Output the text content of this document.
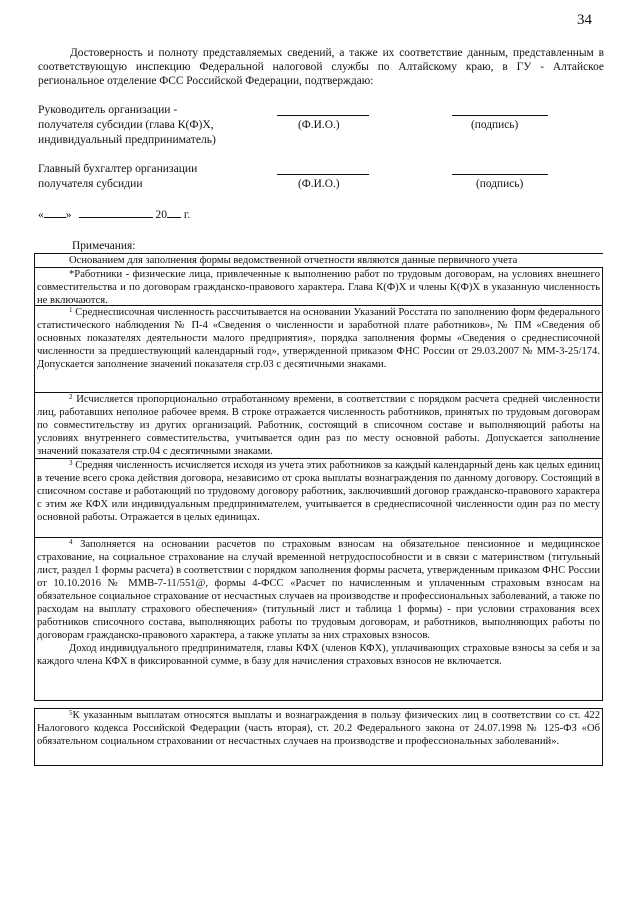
34
Достоверность и полноту представляемых сведений, а также их соответствие данным, представленным в соответствующую инспекцию Федеральной налоговой службы по Алтайскому краю, в ГУ - Алтайское региональное отделение ФСС Российской Федерации, подтверждаю:
Руководитель организации -
получателя субсидии (глава К(Ф)Х,
индивидуальный предприниматель)
(Ф.И.О.)	(подпись)
Главный бухгалтер организации
получателя субсидии	(Ф.И.О.)	(подпись)
« »	20 г.
Примечания:

Основанием для заполнения формы ведомственной отчетности являются данные первичного учета

*Работники - физические лица, привлеченные к выполнению работ по трудовым договорам, на условиях внешнего совместительства и по договорам гражданско-правового характера. Глава К(Ф)Х и члены К(Ф)Х в указанную численность не включаются.

$^1$ Среднесписочная численность рассчитывается на основании Указаний Росстата по заполнению форм федерального статистического наблюдения № П-4 «Сведения о численности и заработной плате работников», № ПМ «Сведения об основных показателях деятельности малого предприятия», порядка заполнения формы «Сведения о среднесписочной численности за предшествующий календарный год», утвержденной приказом ФНС России от 29.03.2007 № ММ-3-25/174. Допускается заполнение значений показателя стр.03 с десятичными знаками.

$^2$ Исчисляется пропорционально отработанному времени, в соответствии с порядком расчета средней численности лиц, работавших неполное рабочее время. В строке отражается численность работников, принятых по трудовым договорам по совместительству из других организаций. Работник, состоящий в списочном составе и выполняющий работы на условиях внутреннего совместительства, учитывается один раз по месту основной работы. Допускается заполнение значений показателя стр.04 с десятичными знаками.

$^3$ Средняя численность исчисляется исходя из учета этих работников за каждый календарный день как целых единиц в течение всего срока действия договора, независимо от срока выплаты вознаграждения по данному договору. Состоящий в списочном составе и работающий по трудовому договору работник, заключивший договор гражданско-правового характера с этим же КФХ или индивидуальным предпринимателем, учитывается в среднесписочной численности один раз по месту основной работы. Отражается в целых единицах.

$^4$ Заполняется на основании расчетов по страховым взносам на обязательное пенсионное и медицинское страхование, на социальное страхование на случай временной нетрудоспособности и в связи с материнством (титульный лист, раздел 1 формы расчета) в соответствии с порядком заполнения формы расчета, утвержденным приказом ФНС России от 10.10.2016 № ММВ-7-11/551@, формы 4-ФСС «Расчет по начисленным и уплаченным страховым взносам на обязательное социальное страхование от несчастных случаев на производстве и профессиональных заболеваний, а также по расходам на выплату страхового обеспечения» (титульный лист и таблица 1 формы) - при условии страхования всех работников списочного состава, выполняющих работы по трудовым договорам, и работников, выполняющих работы по договорам гражданско-правового характера, а также уплаты за них страховых взносов.

Доход индивидуального предпринимателя, главы КФХ (членов КФХ), уплачивающих страховые взносы за себя и за каждого члена КФХ в фиксированной сумме, в базу для начисления страховых взносов не включается.

$^5$К указанным выплатам относятся выплаты и вознаграждения в пользу физических лиц в соответствии со ст. 422 Налогового кодекса Российской Федерации (часть вторая), ст. 20.2 Федерального закона от 24.07.1998 № 125-ФЗ «Об обязательном социальном страховании от несчастных случаев на производстве и профессиональных заболеваний».
